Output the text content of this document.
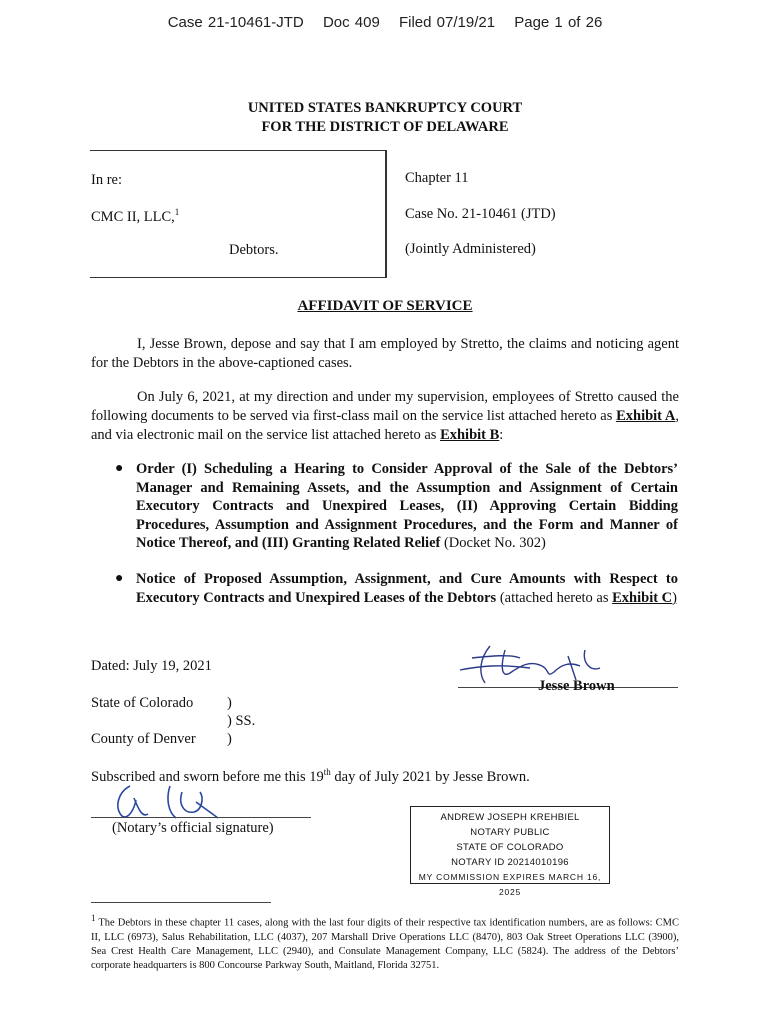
Case 21-10461-JTD Doc 409 Filed 07/19/21 Page 1 of 26
UNITED STATES BANKRUPTCY COURT
FOR THE DISTRICT OF DELAWARE
In re:
CMC II, LLC,$^1$
Debtors.
Chapter 11
Case No. 21-10461 (JTD)
(Jointly Administered)
AFFIDAVIT OF SERVICE
I, Jesse Brown, depose and say that I am employed by Stretto, the claims and noticing agent for the Debtors in the above-captioned cases.
On July 6, 2021, at my direction and under my supervision, employees of Stretto caused the following documents to be served via first-class mail on the service list attached hereto as Exhibit A, and via electronic mail on the service list attached hereto as Exhibit B:
● Order (I) Scheduling a Hearing to Consider Approval of the Sale of the Debtors’ Manager and Remaining Assets, and the Assumption and Assignment of Certain Executory Contracts and Unexpired Leases, (II) Approving Certain Bidding Procedures, Assumption and Assignment Procedures, and the Form and Manner of Notice Thereof, and (III) Granting Related Relief (Docket No. 302)
● Notice of Proposed Assumption, Assignment, and Cure Amounts with Respect to Executory Contracts and Unexpired Leases of the Debtors (attached hereto as Exhibit C)
Dated: July 19, 2021
Jesse Brown
State of Colorado
County of Denver
)
) SS.
)
Subscribed and sworn before me this 19th day of July 2021 by Jesse Brown.
(Notary’s official signature)
ANDREW JOSEPH KREHBIEL
NOTARY PUBLIC
STATE OF COLORADO
NOTARY ID 20214010196
MY COMMISSION EXPIRES MARCH 16, 2025
$^1$ The Debtors in these chapter 11 cases, along with the last four digits of their respective tax identification numbers, are as follows: CMC II, LLC (6973), Salus Rehabilitation, LLC (4037), 207 Marshall Drive Operations LLC (8470), 803 Oak Street Operations LLC (3900), Sea Crest Health Care Management, LLC (2940), and Consulate Management Company, LLC (5824). The address of the Debtors’ corporate headquarters is 800 Concourse Parkway South, Maitland, Florida 32751.
